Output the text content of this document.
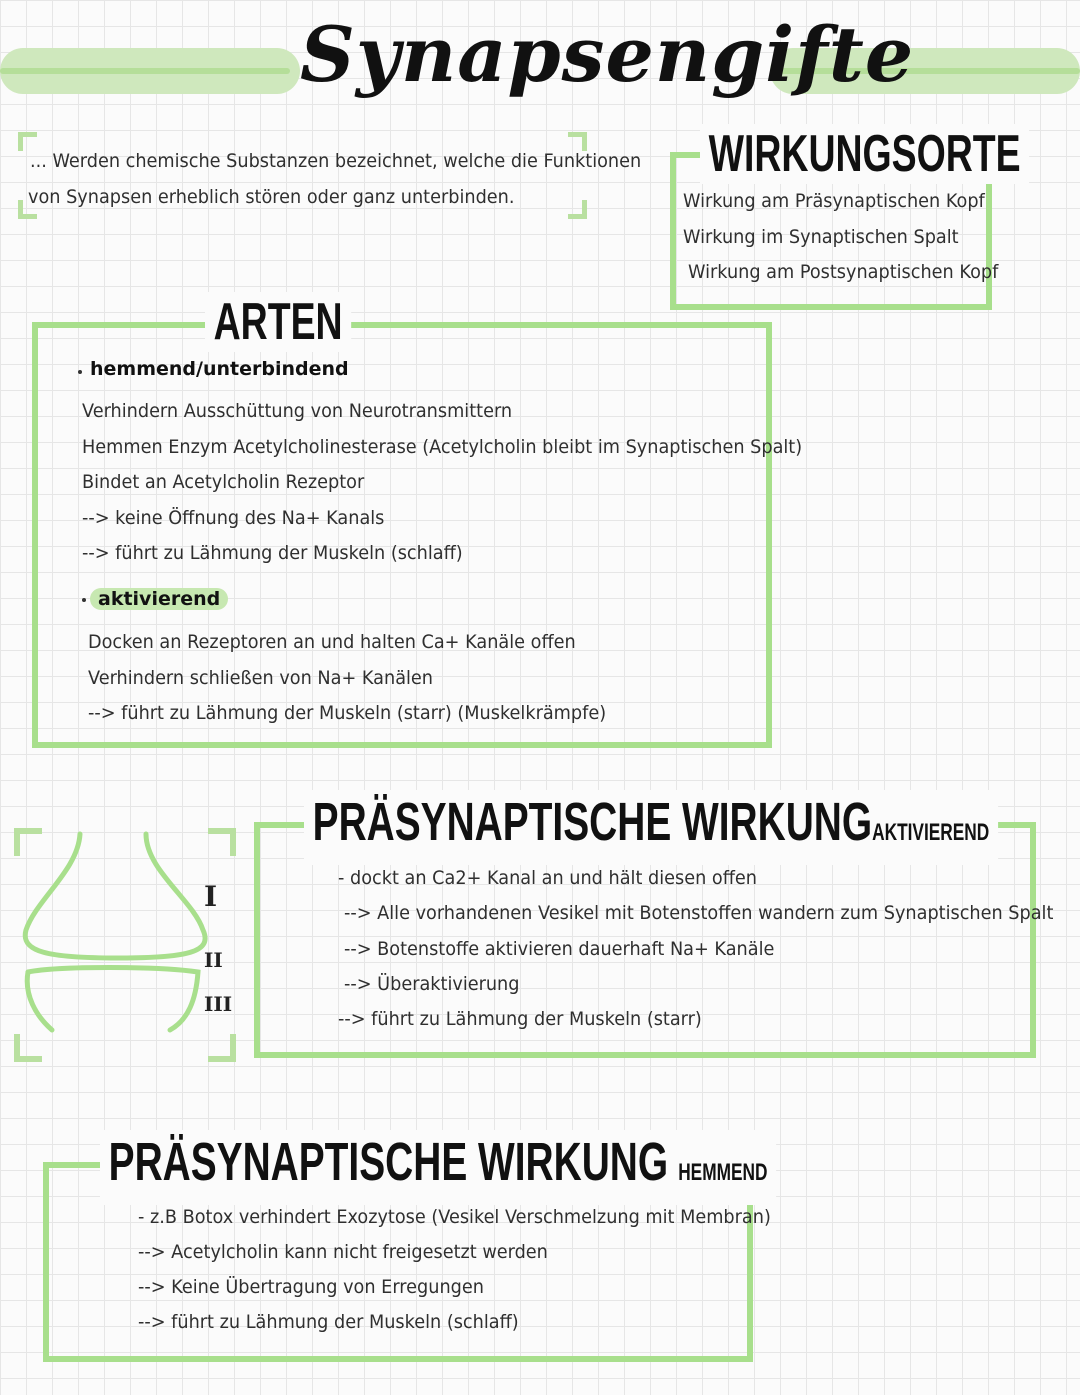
Synapsengifte
... Werden chemische Substanzen bezeichnet, welche die Funktionen
von Synapsen erheblich stören oder ganz unterbinden.
WIRKUNGSORTE
Wirkung am Präsynaptischen Kopf
Wirkung im Synaptischen Spalt
Wirkung am Postsynaptischen Kopf
ARTEN
hemmend/unterbindend
Verhindern Ausschüttung von Neurotransmittern
Hemmen Enzym Acetylcholinesterase (Acetylcholin bleibt im Synaptischen Spalt)
Bindet an Acetylcholin Rezeptor
--> keine Öffnung des Na+ Kanals
--> führt zu Lähmung der Muskeln (schlaff)
aktivierend
Docken an Rezeptoren an und halten Ca+ Kanäle offen
Verhindern schließen von Na+ Kanälen
--> führt zu Lähmung der Muskeln (starr) (Muskelkrämpfe)
I
II
III
PRÄSYNAPTISCHE WIRKUNGAKTIVIEREND
- dockt an Ca2+ Kanal an und hält diesen offen
--> Alle vorhandenen Vesikel mit Botenstoffen wandern zum Synaptischen Spalt
--> Botenstoffe aktivieren dauerhaft Na+ Kanäle
--> Überaktivierung
--> führt zu Lähmung der Muskeln (starr)
PRÄSYNAPTISCHE WIRKUNG HEMMEND
- z.B Botox verhindert Exozytose (Vesikel Verschmelzung mit Membran)
--> Acetylcholin kann nicht freigesetzt werden
--> Keine Übertragung von Erregungen
--> führt zu Lähmung der Muskeln (schlaff)
